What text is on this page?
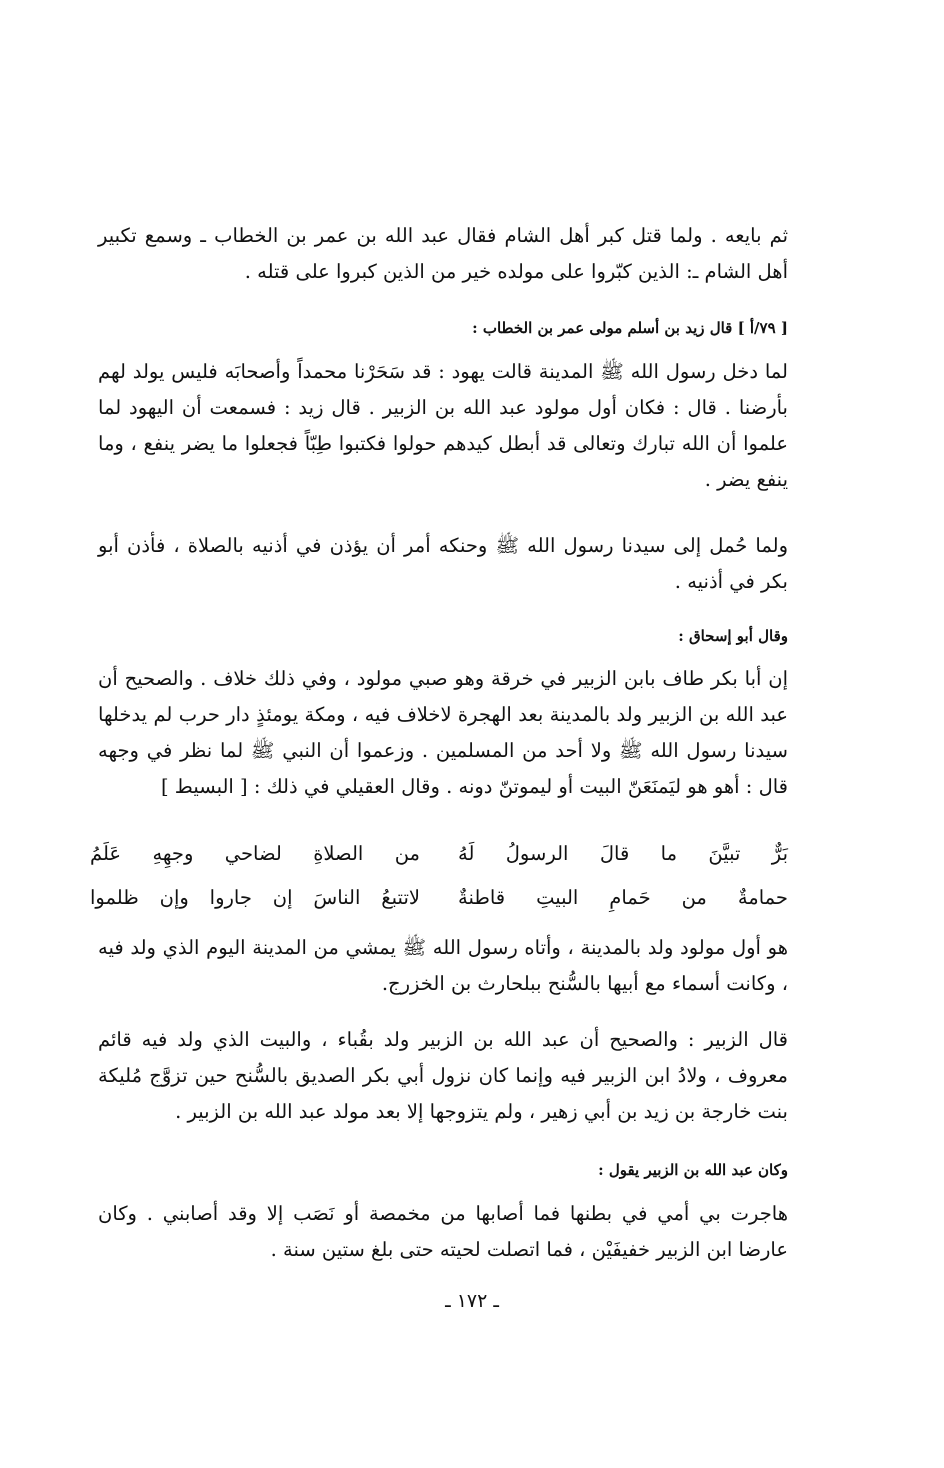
ثم بايعه . ولما قتل كبر أهل الشام فقال عبد الله بن عمر بن الخطاب ـ وسمع تكبير أهل الشام ـ: الذين كبّروا على مولده خير من الذين كبروا على قتله .

[ ٧٩/أ ] قال زيد بن أسلم مولى عمر بن الخطاب :

لما دخل رسول الله ﷺ المدينة قالت يهود : قد سَحَرْنا محمداً وأصحابَه فليس يولد لهم بأرضنا . قال : فكان أول مولود عبد الله بن الزبير . قال زيد : فسمعت أن اليهود لما علموا أن الله تبارك وتعالى قد أبطل كيدهم حولوا فكتبوا طِبّاً فجعلوا ما يضر ينفع ، وما ينفع يضر .

ولما حُمل إلى سيدنا رسول الله ﷺ وحنكه أمر أن يؤذن في أذنيه بالصلاة ، فأذن أبو بكر في أذنيه .

وقال أبو إسحاق :

إن أبا بكر طاف بابن الزبير في خرقة وهو صبي مولود ، وفي ذلك خلاف . والصحيح أن عبد الله بن الزبير ولد بالمدينة بعد الهجرة لاخلاف فيه ، ومكة يومئذٍ دار حرب لم يدخلها سيدنا رسول الله ﷺ ولا أحد من المسلمين . وزعموا أن النبي ﷺ لما نظر في وجهه قال : أهو هو ليَمنَعَنّ البيت أو ليموتنّ دونه . وقال العقيلي في ذلك : [ البسيط ]

بَرٌّ تبيَّنَ ما قالَ الرسولُ لَهُ
من الصلاةِ لضاحي وجهِهِ عَلَمُ
حمامةٌ من حَمامِ البيتِ قاطنةٌ
لاتتبعُ الناسَ إن جاروا وإن ظلموا

هو أول مولود ولد بالمدينة ، وأتاه رسول الله ﷺ يمشي من المدينة اليوم الذي ولد فيه ، وكانت أسماء مع أبيها بالسُّنح ببلحارث بن الخزرج.

قال الزبير : والصحيح أن عبد الله بن الزبير ولد بقُباء ، والبيت الذي ولد فيه قائم معروف ، ولادُ ابن الزبير فيه وإنما كان نزول أبي بكر الصديق بالسُّنح حين تزوَّج مُليكة بنت خارجة بن زيد بن أبي زهير ، ولم يتزوجها إلا بعد مولد عبد الله بن الزبير .

وكان عبد الله بن الزبير يقول :

هاجرت بي أمي في بطنها فما أصابها من مخمصة أو نَصَب إلا وقد أصابني . وكان عارضا ابن الزبير خفيفَيْن ، فما اتصلت لحيته حتى بلغ ستين سنة .

ـ ١٧٢ ـ
